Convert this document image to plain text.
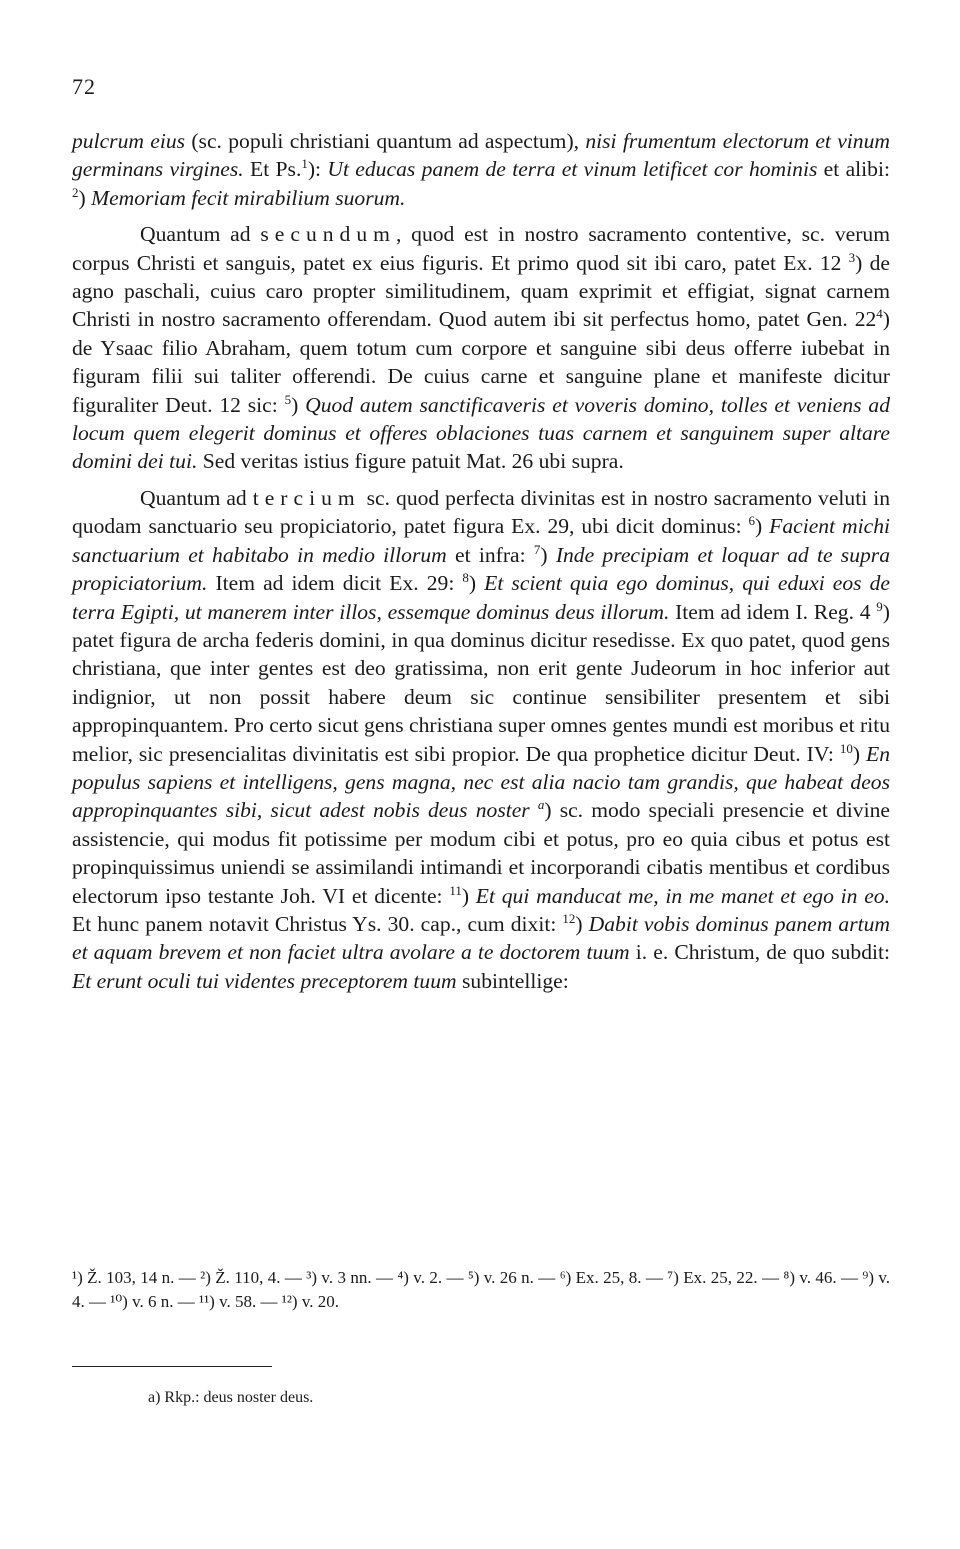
72

pulcrum eius (sc. populi christiani quantum ad aspectum), nisi frumentum electorum et vinum germinans virgines. Et Ps.$^1$): Ut educas panem de terra et vinum letificet cor hominis et alibi: $^2$) Memoriam fecit mirabilium suorum.

Quantum ad secundum, quod est in nostro sacramento contentive, sc. verum corpus Christi et sanguis, patet ex eius figuris. Et primo quod sit ibi caro, patet Ex. 12 $^3$) de agno paschali, cuius caro propter similitudinem, quam exprimit et effigiat, signat carnem Christi in nostro sacramento offerendam. Quod autem ibi sit perfectus homo, patet Gen. $22^4$) de Ysaac filio Abraham, quem totum cum corpore et sanguine sibi deus offerre iubebat in figuram filii sui taliter offerendi. De cuius carne et sanguine plane et manifeste dicitur figuraliter Deut. 12 sic: $^5$) Quod autem sanctificaveris et voveris domino, tolles et veniens ad locum quem elegerit dominus et offeres oblaciones tuas carnem et sanguinem super altare domini dei tui. Sed veritas istius figure patuit Mat. 26 ubi supra.

Quantum ad tercium sc. quod perfecta divinitas est in nostro sacramento veluti in quodam sanctuario seu propiciatorio, patet figura Ex. 29, ubi dicit dominus: $^6$) Facient michi sanctuarium et habitabo in medio illorum et infra: $^7$) Inde precipiam et loquar ad te supra propiciatorium. Item ad idem dicit Ex. 29: $^8$) Et scient quia ego dominus, qui eduxi eos de terra Egipti, ut manerem inter illos, essemque dominus deus illorum. Item ad idem I. Reg. 4 $^9$) patet figura de archa federis domini, in qua dominus dicitur resedisse. Ex quo patet, quod gens christiana, que inter gentes est deo gratissima, non erit gente Judeorum in hoc inferior aut indignior, ut non possit habere deum sic continue sensibiliter presentem et sibi appropinquantem. Pro certo sicut gens christiana super omnes gentes mundi est moribus et ritu melior, sic presencialitas divinitatis est sibi propior. De qua prophetice dicitur Deut. IV: $^{10}$) En populus sapiens et intelligens, gens magna, nec est alia nacio tam grandis, que habeat deos appropinquantes sibi, sicut adest nobis deus noster $^a$) sc. modo speciali presencie et divine assistencie, qui modus fit potissime per modum cibi et potus, pro eo quia cibus et potus est propinquissimus uniendi se assimilandi intimandi et incorporandi cibatis mentibus et cordibus electorum ipso testante Joh. VI et dicente: $^{11}$) Et qui manducat me, in me manet et ego in eo. Et hunc panem notavit Christus Ys. 30. cap., cum dixit: $^{12}$) Dabit vobis dominus panem artum et aquam brevem et non faciet ultra avolare a te doctorem tuum i. e. Christum, de quo subdit: Et erunt oculi tui videntes preceptorem tuum subintellige:

¹) Ž. 103, 14 n. — ²) Ž. 110, 4. — ³) v. 3 nn. — ⁴) v. 2. — ⁵) v. 26 n. — ⁶) Ex. 25, 8. — ⁷) Ex. 25, 22. — ⁸) v. 46. — ⁹) v. 4. — ¹⁰) v. 6 n. — ¹¹) v. 58. — ¹²) v. 20.
a) Rkp.: deus noster deus.
